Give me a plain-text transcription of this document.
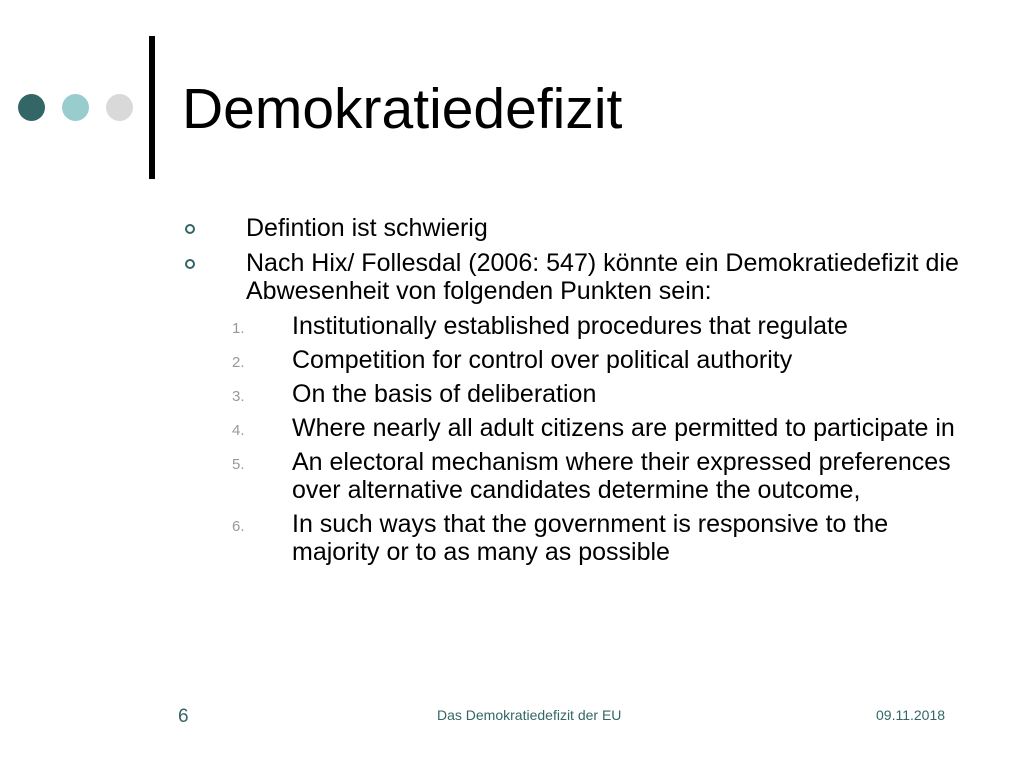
Demokratiedefizit
Defintion ist schwierig
Nach Hix/ Follesdal (2006: 547) könnte ein Demokratiedefizit die Abwesenheit von folgenden Punkten sein:
1. Institutionally established procedures that regulate
2. Competition for control over political authority
3. On the basis of deliberation
4. Where nearly all adult citizens are permitted to participate in
5. An electoral mechanism where their expressed preferences over alternative candidates determine the outcome,
6. In such ways that the government is responsive to the majority or to as many as possible
6	Das Demokratiedefizit der EU	09.11.2018
